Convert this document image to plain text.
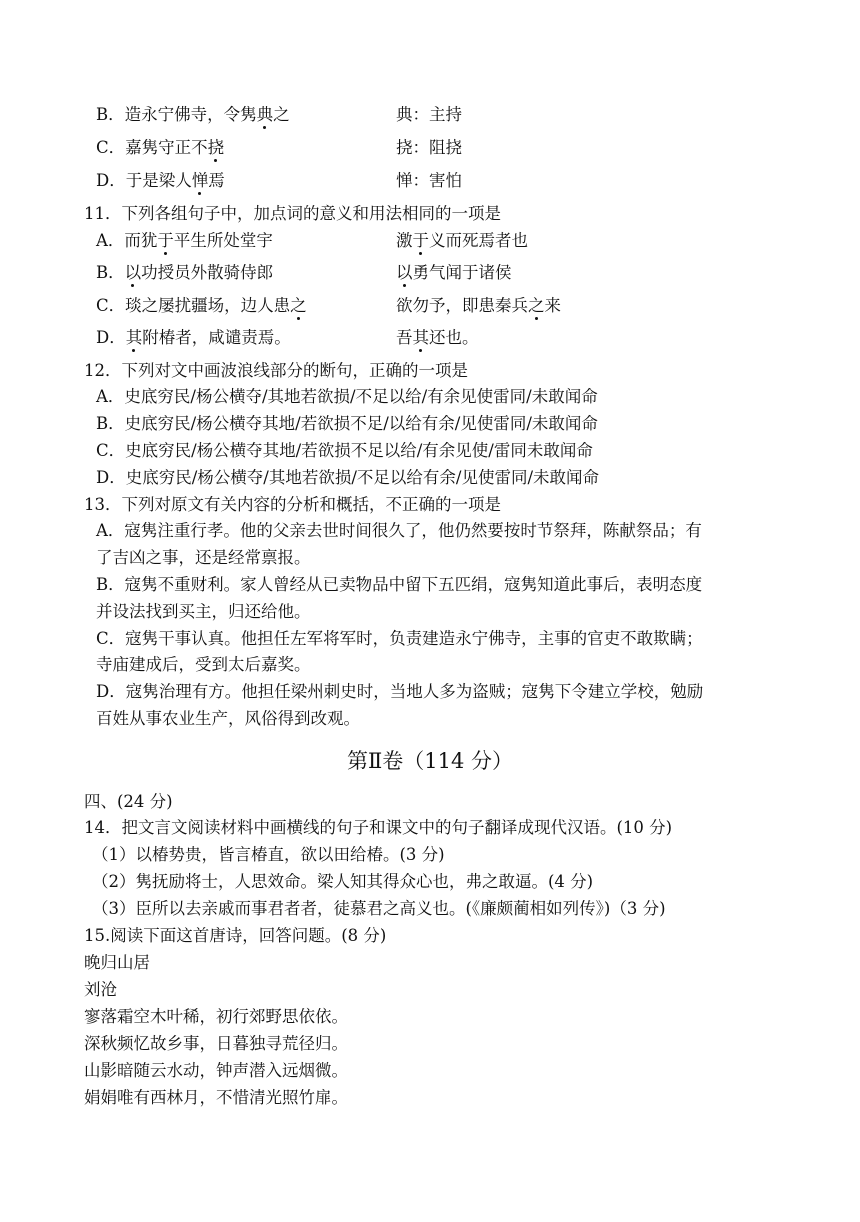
B．造永宁佛寺，令隽典之	典：主持
C．嘉隽守正不挠	挠：阻挠
D．于是梁人惮焉	惮：害怕
11．下列各组句子中，加点词的意义和用法相同的一项是
A．而犹于平生所处堂宇	激于义而死焉者也
B．以功授员外散骑侍郎	以勇气闻于诸侯
C．琰之屡扰疆场，边人患之	欲勿予，即患秦兵之来
D．其附椿者，咸谴责焉。	吾其还也。
12．下列对文中画波浪线部分的断句，正确的一项是
A．史底穷民/杨公横夺/其地若欲损/不足以给/有余见使雷同/未敢闻命
B．史底穷民/杨公横夺其地/若欲损不足/以给有余/见使雷同/未敢闻命
C．史底穷民/杨公横夺其地/若欲损不足以给/有余见使/雷同未敢闻命
D．史底穷民/杨公横夺/其地若欲损/不足以给有余/见使雷同/未敢闻命
13．下列对原文有关内容的分析和概括，不正确的一项是
A．寇隽注重行孝。他的父亲去世时间很久了，他仍然要按时节祭拜，陈献祭品；有
了吉凶之事，还是经常禀报。
B．寇隽不重财利。家人曾经从已卖物品中留下五匹绢，寇隽知道此事后，表明态度
并设法找到买主，归还给他。
C．寇隽干事认真。他担任左军将军时，负责建造永宁佛寺，主事的官吏不敢欺瞒；
寺庙建成后，受到太后嘉奖。
D．寇隽治理有方。他担任梁州刺史时，当地人多为盗贼；寇隽下令建立学校，勉励
百姓从事农业生产，风俗得到改观。
第Ⅱ卷（114 分）
四、(24 分)
14．把文言文阅读材料中画横线的句子和课文中的句子翻译成现代汉语。(10 分)
（1）以椿势贵，皆言椿直，欲以田给椿。(3 分)
（2）隽抚励将士，人思效命。梁人知其得众心也，弗之敢逼。(4 分)
（3）臣所以去亲戚而事君者者，徒慕君之高义也。(《廉颇蔺相如列传》)（3 分)
15.阅读下面这首唐诗，回答问题。(8 分)
晚归山居
刘沧
寥落霜空木叶稀，初行郊野思依依。
深秋频忆故乡事，日暮独寻荒径归。
山影暗随云水动，钟声潜入远烟微。
娟娟唯有西林月，不惜清光照竹扉。
